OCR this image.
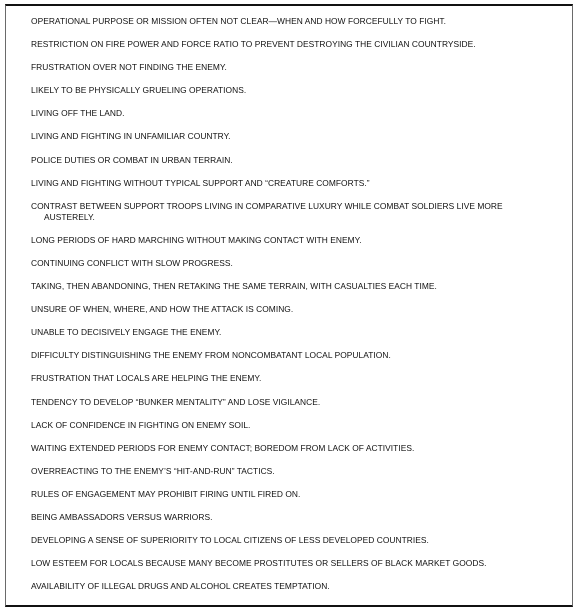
OPERATIONAL PURPOSE OR MISSION OFTEN NOT CLEAR—WHEN AND HOW FORCEFULLY TO FIGHT.
RESTRICTION ON FIRE POWER AND FORCE RATIO TO PREVENT DESTROYING THE CIVILIAN COUNTRYSIDE.
FRUSTRATION OVER NOT FINDING THE ENEMY.
LIKELY TO BE PHYSICALLY GRUELING OPERATIONS.
LIVING OFF THE LAND.
LIVING AND FIGHTING IN UNFAMILIAR COUNTRY.
POLICE DUTIES OR COMBAT IN URBAN TERRAIN.
LIVING AND FIGHTING WITHOUT TYPICAL SUPPORT AND “CREATURE COMFORTS.”
CONTRAST BETWEEN SUPPORT TROOPS LIVING IN COMPARATIVE LUXURY WHILE COMBAT SOLDIERS LIVE MORE AUSTERELY.
LONG PERIODS OF HARD MARCHING WITHOUT MAKING CONTACT WITH ENEMY.
CONTINUING CONFLICT WITH SLOW PROGRESS.
TAKING, THEN ABANDONING, THEN RETAKING THE SAME TERRAIN, WITH CASUALTIES EACH TIME.
UNSURE OF WHEN, WHERE, AND HOW THE ATTACK IS COMING.
UNABLE TO DECISIVELY ENGAGE THE ENEMY.
DIFFICULTY DISTINGUISHING THE ENEMY FROM NONCOMBATANT LOCAL POPULATION.
FRUSTRATION THAT LOCALS ARE HELPING THE ENEMY.
TENDENCY TO DEVELOP “BUNKER MENTALITY” AND LOSE VIGILANCE.
LACK OF CONFIDENCE IN FIGHTING ON ENEMY SOIL.
WAITING EXTENDED PERIODS FOR ENEMY CONTACT; BOREDOM FROM LACK OF ACTIVITIES.
OVERREACTING TO THE ENEMY’S “HIT-AND-RUN” TACTICS.
RULES OF ENGAGEMENT MAY PROHIBIT FIRING UNTIL FIRED ON.
BEING AMBASSADORS VERSUS WARRIORS.
DEVELOPING A SENSE OF SUPERIORITY TO LOCAL CITIZENS OF LESS DEVELOPED COUNTRIES.
LOW ESTEEM FOR LOCALS BECAUSE MANY BECOME PROSTITUTES OR SELLERS OF BLACK MARKET GOODS.
AVAILABILITY OF ILLEGAL DRUGS AND ALCOHOL CREATES TEMPTATION.
